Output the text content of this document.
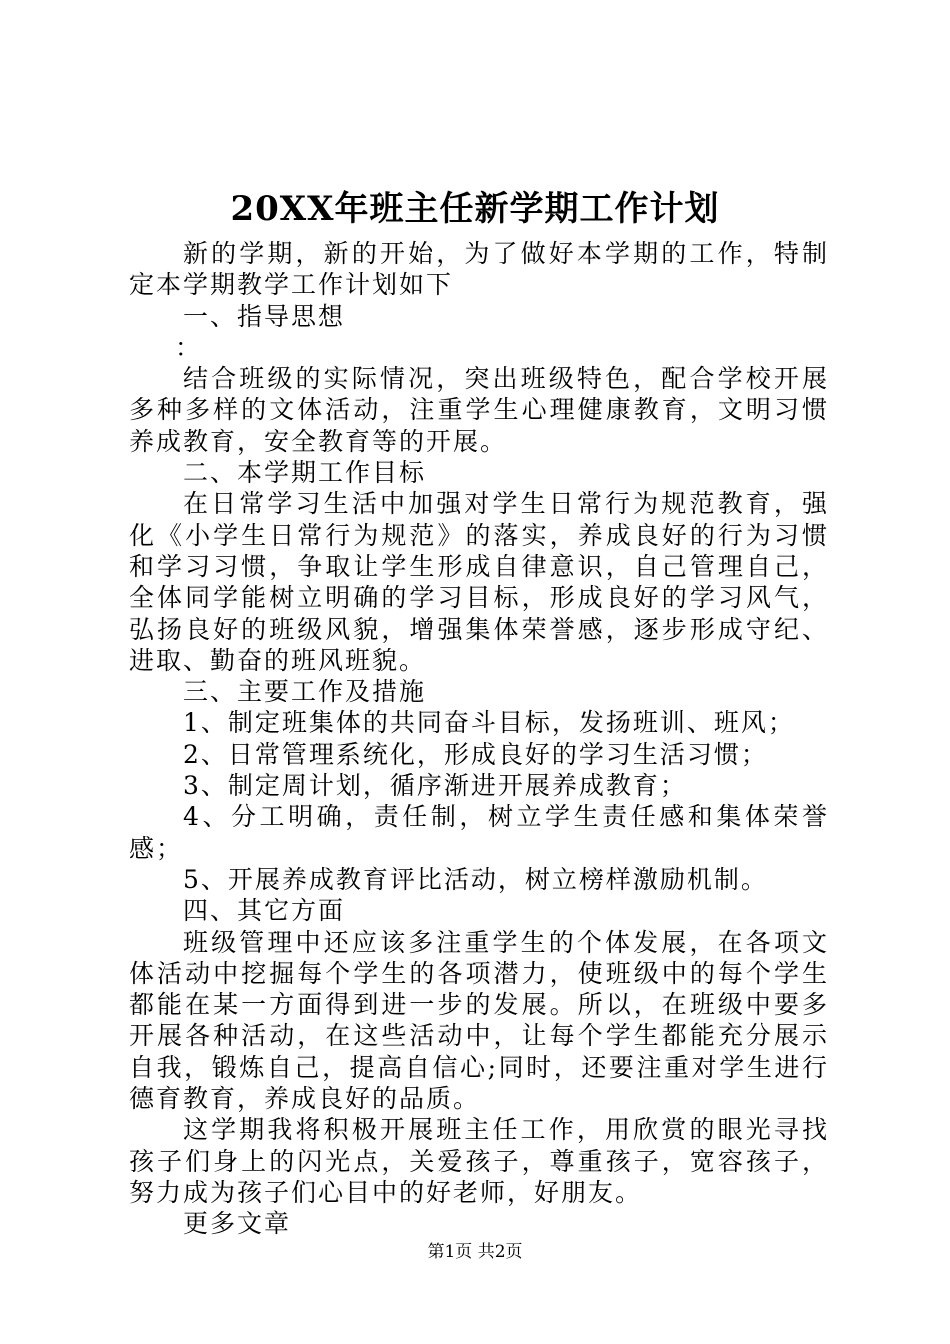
20XX年班主任新学期工作计划

新的学期，新的开始，为了做好本学期的工作，特制定本学期教学工作计划如下

一、指导思想

：

结合班级的实际情况，突出班级特色，配合学校开展多种多样的文体活动，注重学生心理健康教育，文明习惯养成教育，安全教育等的开展。

二、本学期工作目标

在日常学习生活中加强对学生日常行为规范教育，强化《小学生日常行为规范》的落实，养成良好的行为习惯和学习习惯，争取让学生形成自律意识，自己管理自己，全体同学能树立明确的学习目标，形成良好的学习风气，弘扬良好的班级风貌，增强集体荣誉感，逐步形成守纪、进取、勤奋的班风班貌。

三、主要工作及措施

1、制定班集体的共同奋斗目标，发扬班训、班风；

2、日常管理系统化，形成良好的学习生活习惯；

3、制定周计划，循序渐进开展养成教育；

4、分工明确，责任制，树立学生责任感和集体荣誉感；

5、开展养成教育评比活动，树立榜样激励机制。

四、其它方面

班级管理中还应该多注重学生的个体发展，在各项文体活动中挖掘每个学生的各项潜力，使班级中的每个学生都能在某一方面得到进一步的发展。所以，在班级中要多开展各种活动，在这些活动中，让每个学生都能充分展示自我，锻炼自己，提高自信心;同时，还要注重对学生进行德育教育，养成良好的品质。

这学期我将积极开展班主任工作，用欣赏的眼光寻找孩子们身上的闪光点，关爱孩子，尊重孩子，宽容孩子，努力成为孩子们心目中的好老师，好朋友。

更多文章

第1页 共2页
